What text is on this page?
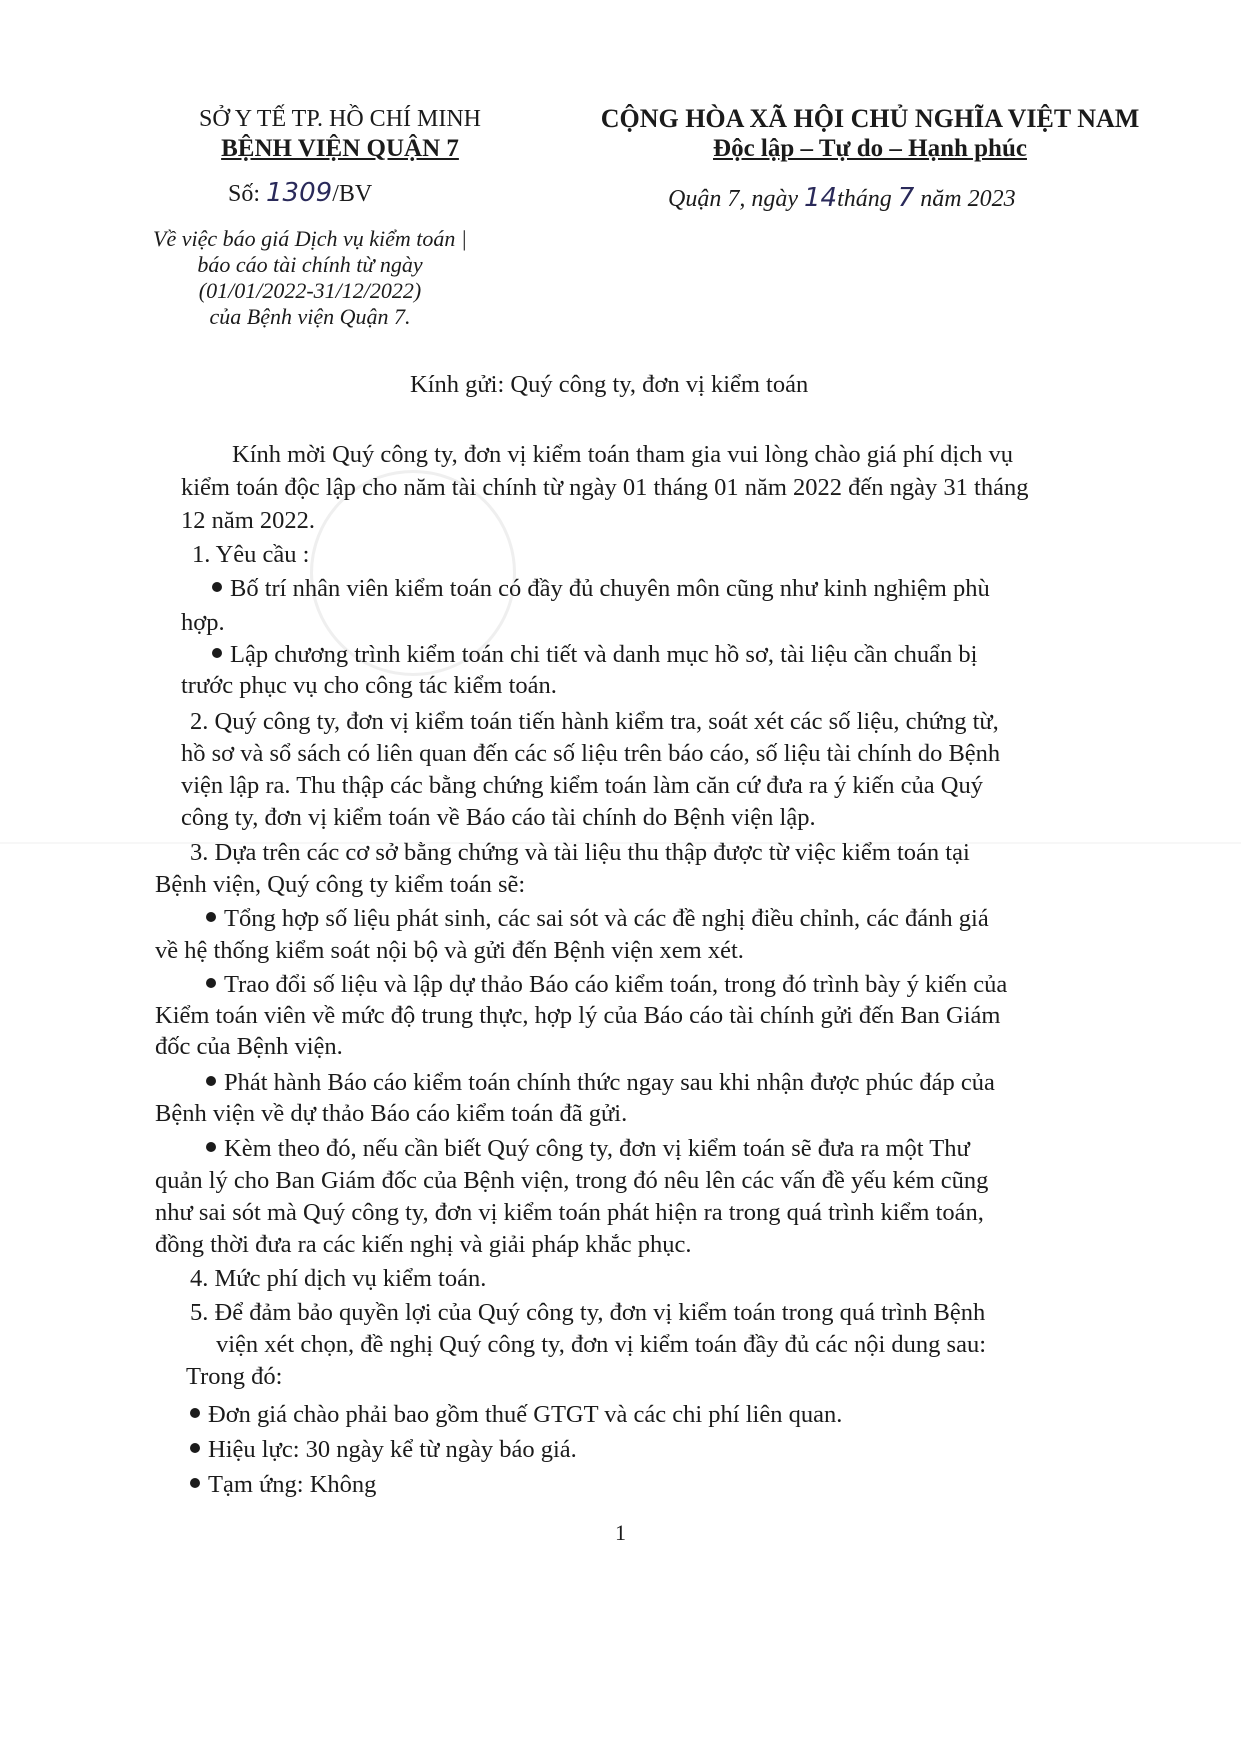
SỞ Y TẾ TP. HỒ CHÍ MINH
BỆNH VIỆN QUẬN 7
CỘNG HÒA XÃ HỘI CHỦ NGHĨA VIỆT NAM
Độc lập – Tự do – Hạnh phúc
Số: 1309/BV	Quận 7, ngày 14tháng 7 năm 2023
Về việc báo giá Dịch vụ kiểm toán |
báo cáo tài chính từ ngày
(01/01/2022-31/12/2022)
của Bệnh viện Quận 7.
Kính gửi: Quý công ty, đơn vị kiểm toán
Kính mời Quý công ty, đơn vị kiểm toán tham gia vui lòng chào giá phí dịch vụ
kiểm toán độc lập cho năm tài chính từ ngày 01 tháng 01 năm 2022 đến ngày 31 tháng
12 năm 2022.
1. Yêu cầu :
Bố trí nhân viên kiểm toán có đầy đủ chuyên môn cũng như kinh nghiệm phù
hợp.
Lập chương trình kiểm toán chi tiết và danh mục hồ sơ, tài liệu cần chuẩn bị
trước phục vụ cho công tác kiểm toán.
2. Quý công ty, đơn vị kiểm toán tiến hành kiểm tra, soát xét các số liệu, chứng từ,
hồ sơ và sổ sách có liên quan đến các số liệu trên báo cáo, số liệu tài chính do Bệnh
viện lập ra. Thu thập các bằng chứng kiểm toán làm căn cứ đưa ra ý kiến của Quý
công ty, đơn vị kiểm toán về Báo cáo tài chính do Bệnh viện lập.
3. Dựa trên các cơ sở bằng chứng và tài liệu thu thập được từ việc kiểm toán tại
Bệnh viện, Quý công ty kiểm toán sẽ:
Tổng hợp số liệu phát sinh, các sai sót và các đề nghị điều chỉnh, các đánh giá
về hệ thống kiểm soát nội bộ và gửi đến Bệnh viện xem xét.
Trao đổi số liệu và lập dự thảo Báo cáo kiểm toán, trong đó trình bày ý kiến của
Kiểm toán viên về mức độ trung thực, hợp lý của Báo cáo tài chính gửi đến Ban Giám
đốc của Bệnh viện.
Phát hành Báo cáo kiểm toán chính thức ngay sau khi nhận được phúc đáp của
Bệnh viện về dự thảo Báo cáo kiểm toán đã gửi.
Kèm theo đó, nếu cần biết Quý công ty, đơn vị kiểm toán sẽ đưa ra một Thư
quản lý cho Ban Giám đốc của Bệnh viện, trong đó nêu lên các vấn đề yếu kém cũng
như sai sót mà Quý công ty, đơn vị kiểm toán phát hiện ra trong quá trình kiểm toán,
đồng thời đưa ra các kiến nghị và giải pháp khắc phục.
4. Mức phí dịch vụ kiểm toán.
5. Để đảm bảo quyền lợi của Quý công ty, đơn vị kiểm toán trong quá trình Bệnh
viện xét chọn, đề nghị Quý công ty, đơn vị kiểm toán đầy đủ các nội dung sau:
Trong đó:
Đơn giá chào phải bao gồm thuế GTGT và các chi phí liên quan.
Hiệu lực: 30 ngày kể từ ngày báo giá.
Tạm ứng: Không
1
